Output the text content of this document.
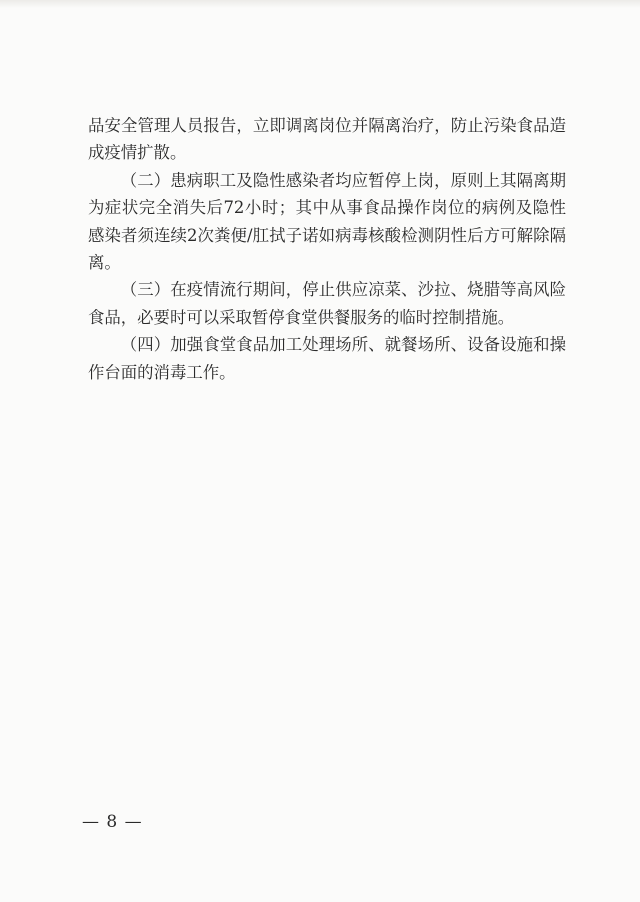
品安全管理人员报告，立即调离岗位并隔离治疗，防止污染食品造成疫情扩散。

（二）患病职工及隐性感染者均应暂停上岗，原则上其隔离期为症状完全消失后72小时；其中从事食品操作岗位的病例及隐性感染者须连续2次粪便/肛拭子诺如病毒核酸检测阴性后方可解除隔离。

（三）在疫情流行期间，停止供应凉菜、沙拉、烧腊等高风险食品，必要时可以采取暂停食堂供餐服务的临时控制措施。

（四）加强食堂食品加工处理场所、就餐场所、设备设施和操作台面的消毒工作。

— 8 —
